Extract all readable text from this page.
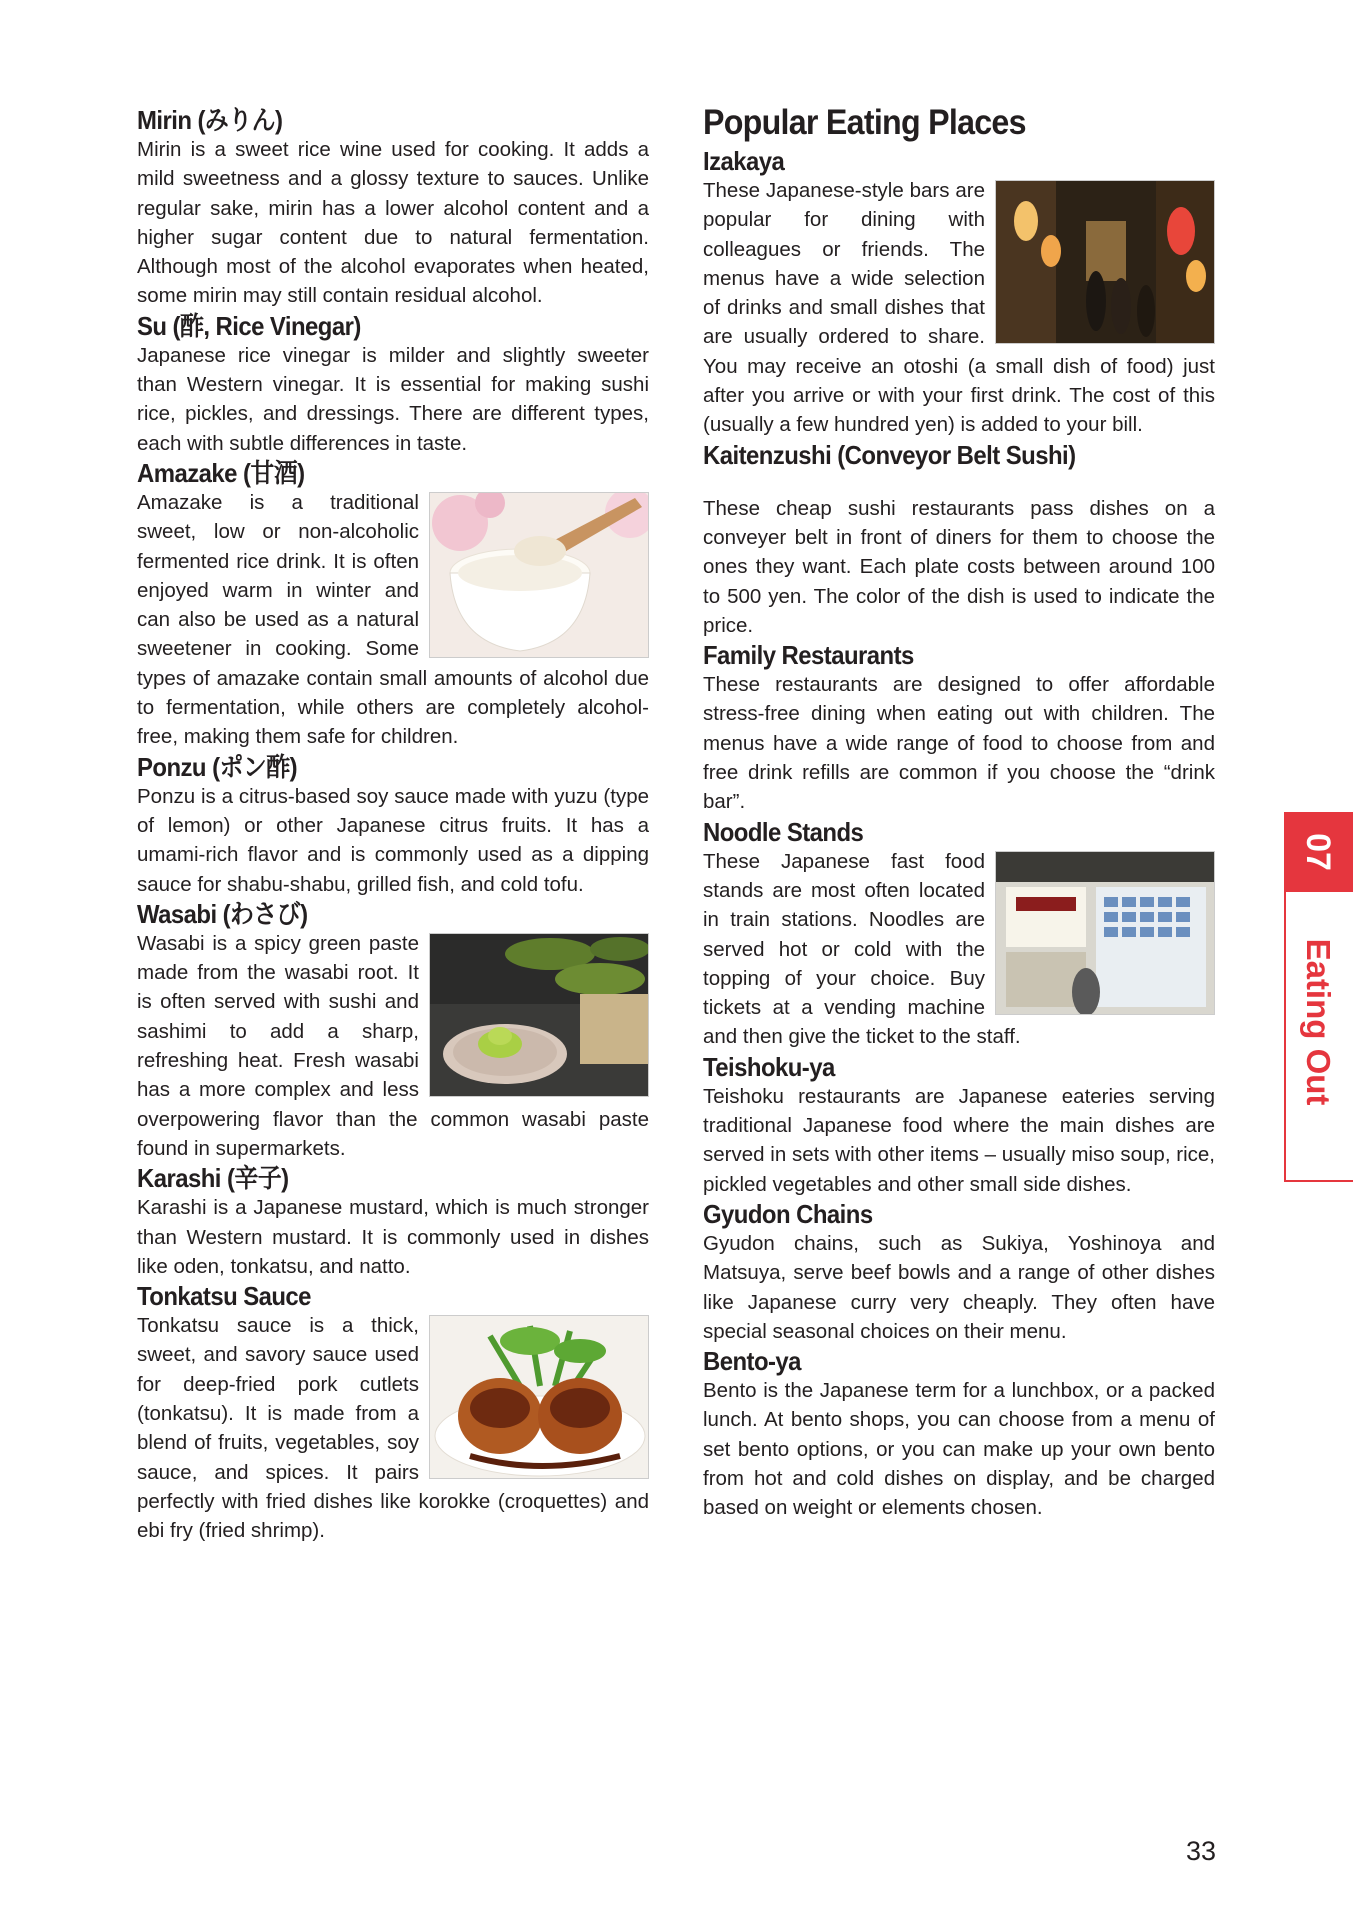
Mirin (みりん)

Mirin is a sweet rice wine used for cooking. It adds a mild sweetness and a glossy texture to sauces. Unlike regular sake, mirin has a lower alcohol content and a higher sugar content due to natural fermentation. Although most of the alcohol evaporates when heated, some mirin may still contain residual alcohol.

Su (酢, Rice Vinegar)

Japanese rice vinegar is milder and slightly sweeter than Western vinegar. It is essential for making sushi rice, pickles, and dressings. There are different types, each with subtle differences in taste.

Amazake (甘酒)

Amazake is a traditional sweet, low or non-alcoholic fermented rice drink. It is often enjoyed warm in winter and can also be used as a natural sweetener in cooking. Some types of amazake contain small amounts of alcohol due to fermentation, while others are completely alcohol-free, making them safe for children.

Ponzu (ポン酢)

Ponzu is a citrus-based soy sauce made with yuzu (type of lemon) or other Japanese citrus fruits. It has a umami-rich flavor and is commonly used as a dipping sauce for shabu-shabu, grilled fish, and cold tofu.

Wasabi (わさび)

Wasabi is a spicy green paste made from the wasabi root. It is often served with sushi and sashimi to add a sharp, refreshing heat. Fresh wasabi has a more complex and less overpowering flavor than the common wasabi paste found in supermarkets.

Karashi (辛子)

Karashi is a Japanese mustard, which is much stronger than Western mustard. It is commonly used in dishes like oden, tonkatsu, and natto.

Tonkatsu Sauce

Tonkatsu sauce is a thick, sweet, and savory sauce used for deep-fried pork cutlets (tonkatsu). It is made from a blend of fruits, vegetables, soy sauce, and spices. It pairs perfectly with fried dishes like korokke (croquettes) and ebi fry (fried shrimp).

Popular Eating Places
Izakaya

These Japanese-style bars are popular for dining with colleagues or friends. The menus have a wide selection of drinks and small dishes that are usually ordered to share. You may receive an otoshi (a small dish of food) just after you arrive or with your first drink. The cost of this (usually a few hundred yen) is added to your bill.

Kaitenzushi (Conveyor Belt Sushi)

These cheap sushi restaurants pass dishes on a conveyer belt in front of diners for them to choose the ones they want. Each plate costs between around 100 to 500 yen. The color of the dish is used to indicate the price.

Family Restaurants

These restaurants are designed to offer affordable stress-free dining when eating out with children. The menus have a wide range of food to choose from and free drink refills are common if you choose the “drink bar”.

Noodle Stands

These Japanese fast food stands are most often located in train stations. Noodles are served hot or cold with the topping of your choice. Buy tickets at a vending machine and then give the ticket to the staff.

Teishoku-ya

Teishoku restaurants are Japanese eateries serving traditional Japanese food where the main dishes are served in sets with other items – usually miso soup, rice, pickled vegetables and other small side dishes.

Gyudon Chains

Gyudon chains, such as Sukiya, Yoshinoya and Matsuya, serve beef bowls and a range of other dishes like Japanese curry very cheaply. They often have special seasonal choices on their menu.

Bento-ya

Bento is the Japanese term for a lunchbox, or a packed lunch. At bento shops, you can choose from a menu of set bento options, or you can make up your own bento from hot and cold dishes on display, and be charged based on weight or elements chosen.

07
Eating Out
33
